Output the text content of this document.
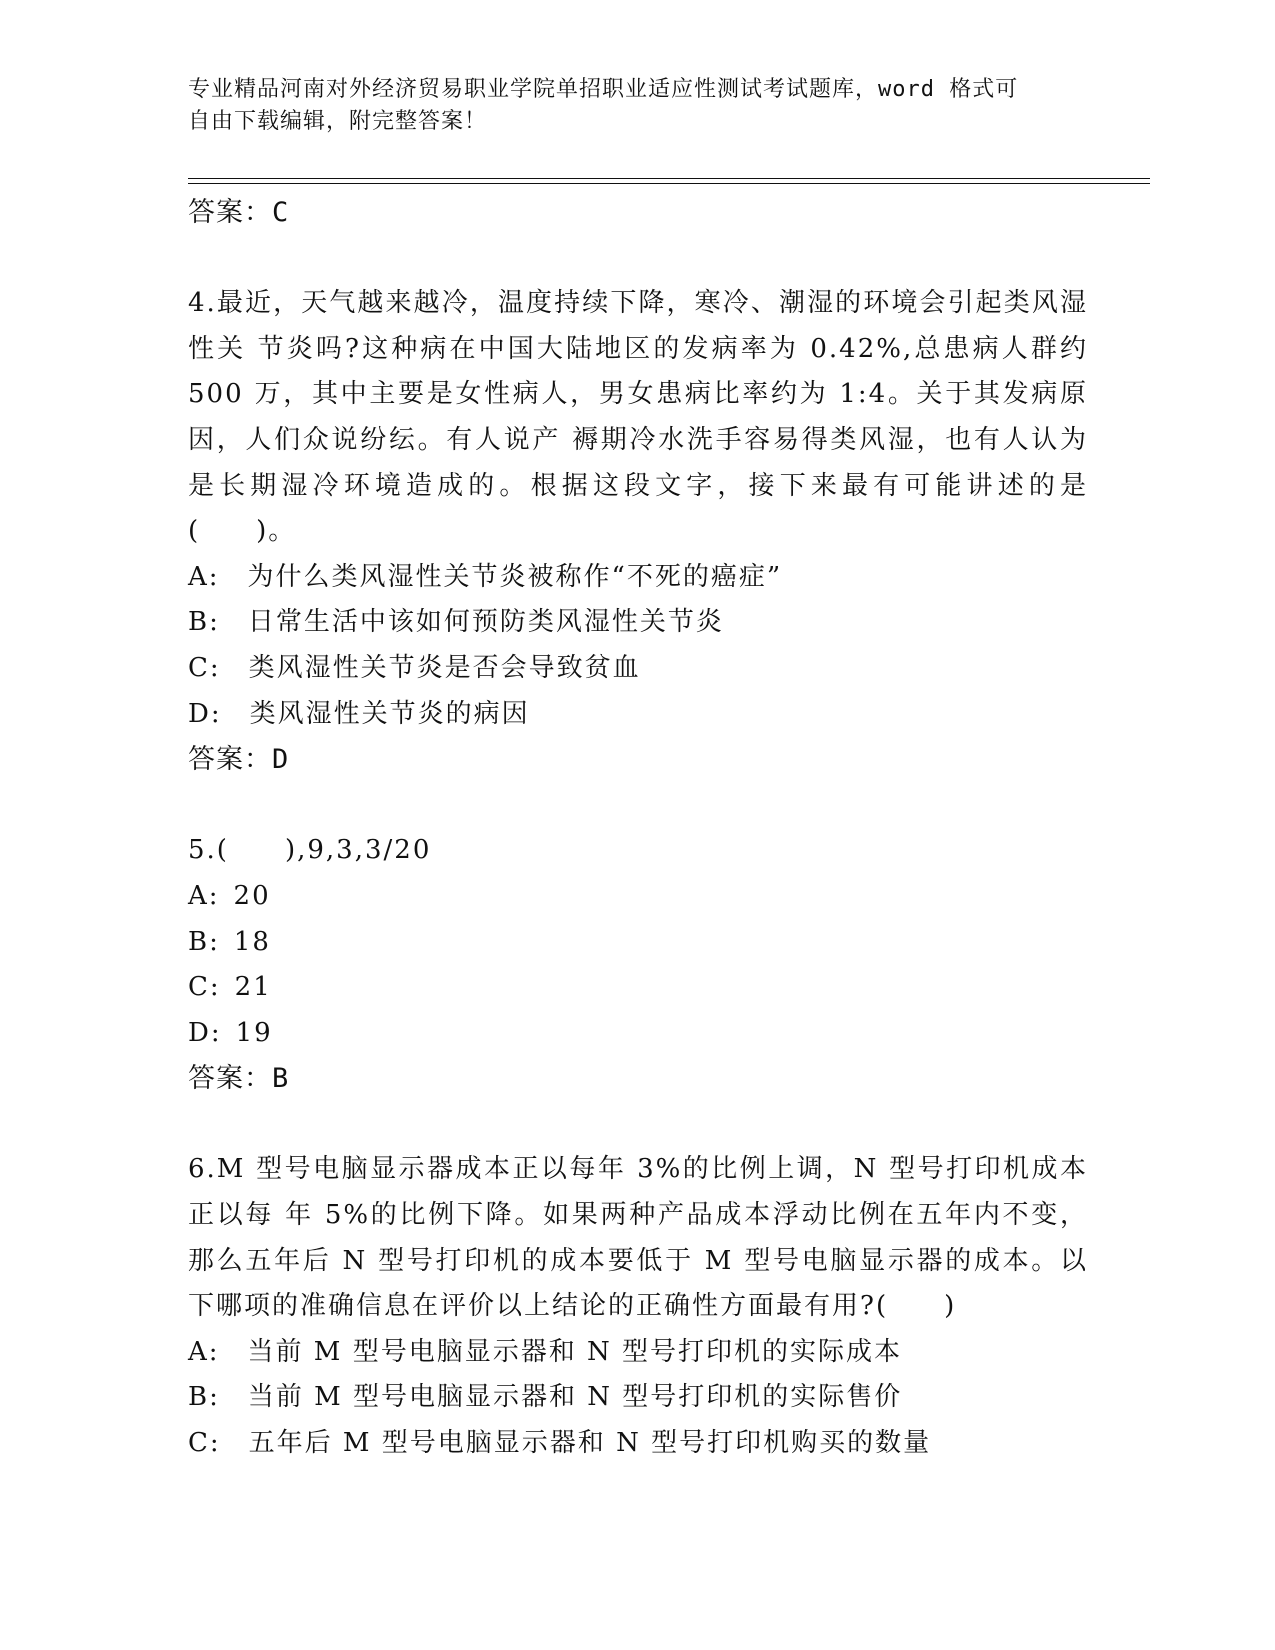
专业精品河南对外经济贸易职业学院单招职业适应性测试考试题库，word 格式可
自由下载编辑，附完整答案！
答案：C
4.最近，天气越来越冷，温度持续下降，寒冷、潮湿的环境会引起类风湿性关 节炎吗?这种病在中国大陆地区的发病率为 0.42%,总患病人群约 500 万，其中主要是女性病人，男女患病比率约为 1:4。关于其发病原因，人们众说纷纭。有人说产 褥期冷水洗手容易得类风湿，也有人认为是长期湿冷环境造成的。根据这段文字，接下来最有可能讲述的是(　　)。
A: 为什么类风湿性关节炎被称作“不死的癌症”
B: 日常生活中该如何预防类风湿性关节炎
C: 类风湿性关节炎是否会导致贫血
D: 类风湿性关节炎的病因
答案：D
5.(　　),9,3,3/20
A: 20
B: 18
C: 21
D: 19
答案：B
6.M 型号电脑显示器成本正以每年 3%的比例上调，N 型号打印机成本正以每 年 5%的比例下降。如果两种产品成本浮动比例在五年内不变，那么五年后 N 型号打印机的成本要低于 M 型号电脑显示器的成本。以下哪项的准确信息在评价以上结论的正确性方面最有用?(　　)
A: 当前 M 型号电脑显示器和 N 型号打印机的实际成本
B: 当前 M 型号电脑显示器和 N 型号打印机的实际售价
C: 五年后 M 型号电脑显示器和 N 型号打印机购买的数量
